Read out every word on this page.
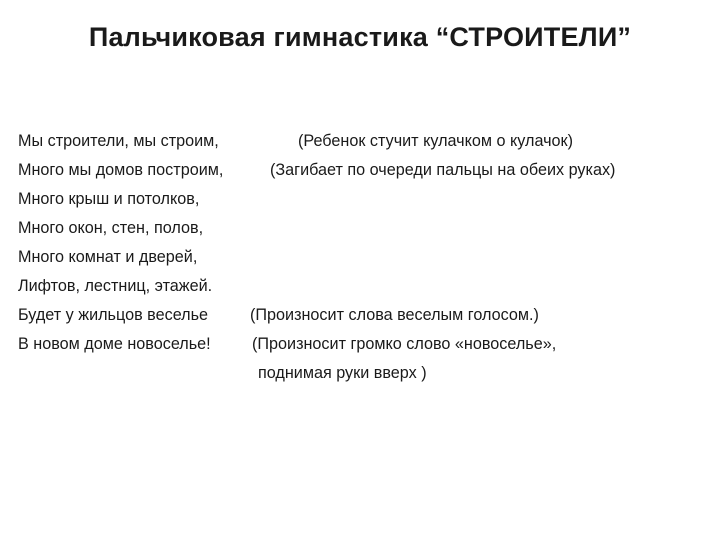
Пальчиковая гимнастика “СТРОИТЕЛИ”
Мы строители, мы строим,	(Ребенок стучит кулачком о кулачок)
Много мы домов построим,	(Загибает по очереди пальцы на обеих руках)
Много крыш и потолков,
Много окон, стен, полов,
Много комнат и дверей,
Лифтов, лестниц, этажей.
Будет у жильцов веселье	(Произносит слова веселым голосом.)
В новом доме новоселье!	(Произносит громко слово «новоселье»,
поднимая руки вверх )
